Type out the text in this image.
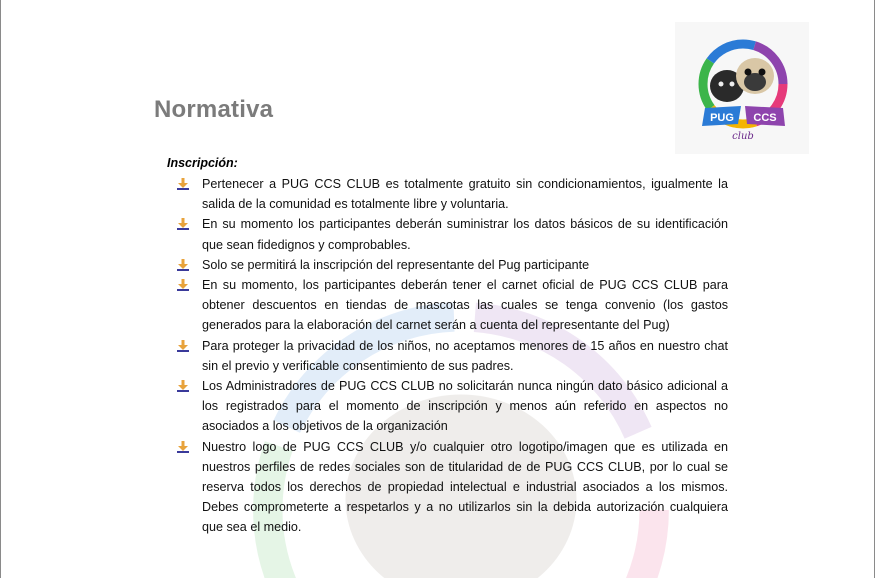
PUG CCS
club
Normativa
Inscripción:
Pertenecer a PUG CCS CLUB es totalmente gratuito sin condicionamientos, igualmente la salida de la comunidad es totalmente libre y voluntaria.
En su momento los participantes deberán suministrar los datos básicos de su identificación que sean fidedignos y comprobables.
Solo se permitirá la inscripción del representante del Pug participante
En su momento, los participantes deberán tener el carnet oficial de PUG CCS CLUB para obtener descuentos en tiendas de mascotas las cuales se tenga convenio (los gastos generados para la elaboración del carnet serán a cuenta del representante del Pug)
Para proteger la privacidad de los niños, no aceptamos menores de 15 años en nuestro chat sin el previo y verificable consentimiento de sus padres.
Los Administradores de PUG CCS CLUB no solicitarán nunca ningún dato básico adicional a los registrados para el momento de inscripción y menos aún referido en aspectos no asociados a los objetivos de la organización
Nuestro logo de PUG CCS CLUB y/o cualquier otro logotipo/imagen que es utilizada en nuestros perfiles de redes sociales son de titularidad de de PUG CCS CLUB, por lo cual se reserva todos los derechos de propiedad intelectual e industrial asociados a los mismos. Debes comprometerte a respetarlos y a no utilizarlos sin la debida autorización cualquiera que sea el medio.
